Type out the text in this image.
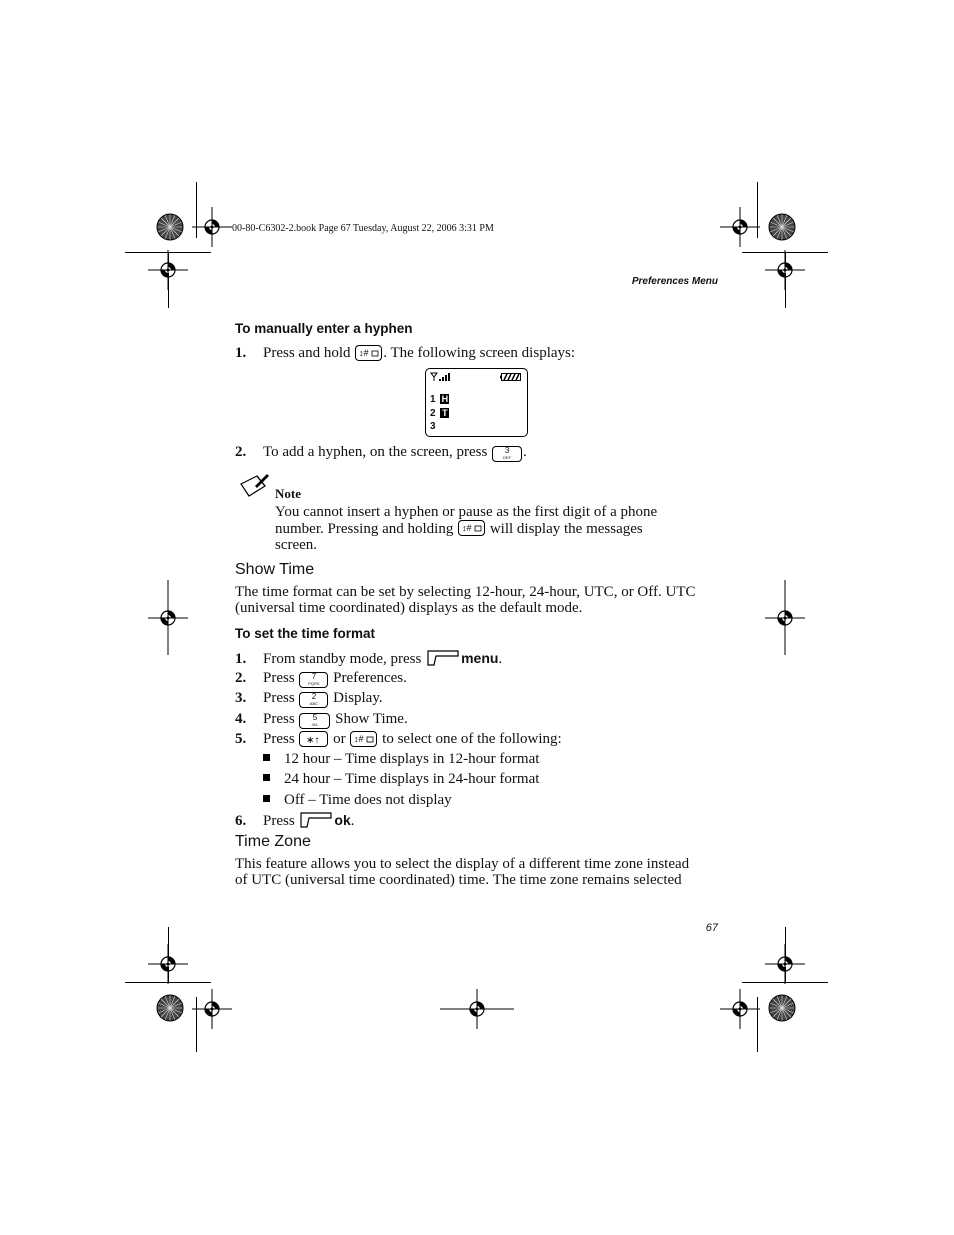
00-80-C6302-2.book Page 67 Tuesday, August 22, 2006 3:31 PM
Preferences Menu
To manually enter a hyphen
1. Press and hold ↕# . The following screen displays:
1 H
2 T
3
2. To add a hyphen, on the screen, press	3
DEF .
Note
You cannot insert a hyphen or pause as the first digit of a phone
number. Pressing and holding ↕# will display the messages
screen.
Show Time
The time format can be set by selecting 12-hour, 24-hour, UTC, or Off. UTC
(universal time coordinated) displays as the default mode.
To set the time format
1. From standby mode, press	menu.
2. Press	7
PQRS Preferences.
3. Press	2
ABC	Display.
4. Press	5
JKL	Show Time.
5. Press ∗↑ or ↕# to select one of the following:
12 hour – Time displays in 12-hour format
24 hour – Time displays in 24-hour format
Off – Time does not display
6. Press	ok.
Time Zone
This feature allows you to select the display of a different time zone instead
of UTC (universal time coordinated) time. The time zone remains selected
67
